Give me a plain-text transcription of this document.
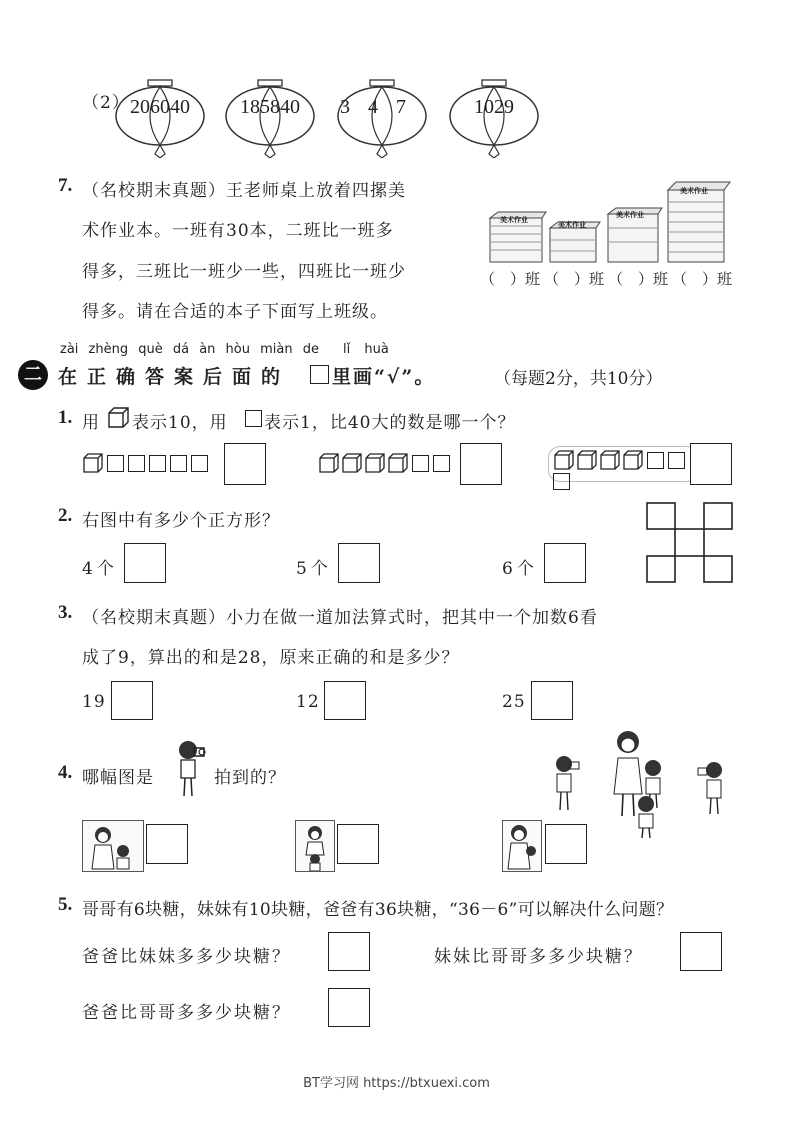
（2） 206040	185840	347	1029
7. （名校期末真题）王老师桌上放着四摞美
术作业本。一班有30本，二班比一班多
得多，三班比一班少一些，四班比一班少
得多。请在合适的本子下面写上班级。
美术作业
美术作业
美术作业
美术作业
（　）班 （　）班 （　）班 （　）班
zài zhèng què dá àn hòu miàn de lǐ huà
二 在正确答案后面的 里画“√”。	（每题2分，共10分）
1. 用 表示10，用 表示1，比40大的数是哪一个？
2. 右图中有多少个正方形？
4个	5个	6个
3. （名校期末真题）小力在做一道加法算式时，把其中一个加数6看
成了9，算出的和是28，原来正确的和是多少？
19	12	25
4. 哪幅图是	拍到的？
5. 哥哥有6块糖，妹妹有10块糖，爸爸有36块糖，“36－6”可以解决什么问题？
爸爸比妹妹多多少块糖？	妹妹比哥哥多多少块糖？
爸爸比哥哥多多少块糖？
BT学习网 https://btxuexi.com
